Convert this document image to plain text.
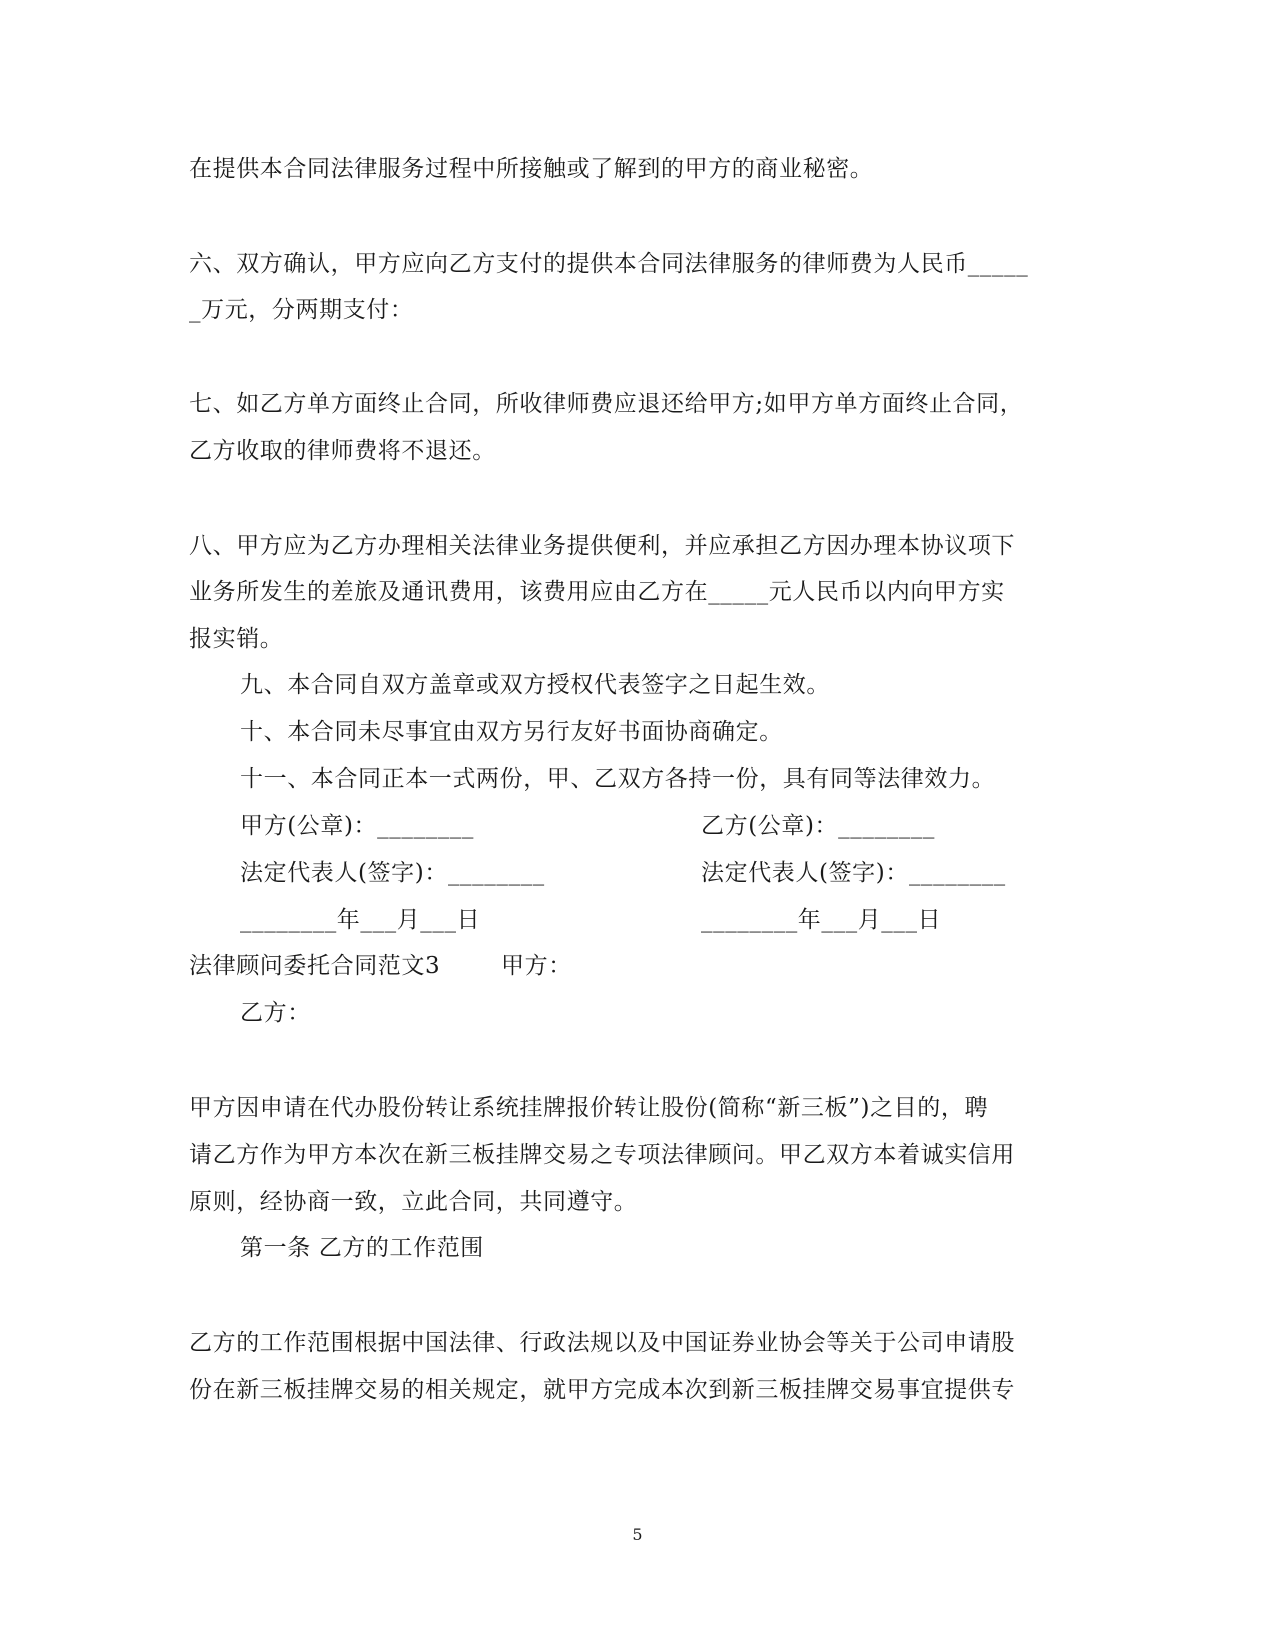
在提供本合同法律服务过程中所接触或了解到的甲方的商业秘密。
六、双方确认，甲方应向乙方支付的提供本合同法律服务的律师费为人民币_____
_万元，分两期支付：
七、如乙方单方面终止合同，所收律师费应退还给甲方;如甲方单方面终止合同，
乙方收取的律师费将不退还。
八、甲方应为乙方办理相关法律业务提供便利，并应承担乙方因办理本协议项下
业务所发生的差旅及通讯费用，该费用应由乙方在_____元人民币以内向甲方实
报实销。
九、本合同自双方盖章或双方授权代表签字之日起生效。
十、本合同未尽事宜由双方另行友好书面协商确定。
十一、本合同正本一式两份，甲、乙双方各持一份，具有同等法律效力。
甲方(公章)：________	乙方(公章)：________
法定代表人(签字)：________	法定代表人(签字)：________
________年___月___日	________年___月___日
法律顾问委托合同范文3	甲方：
乙方：
甲方因申请在代办股份转让系统挂牌报价转让股份(简称“新三板”)之目的，聘
请乙方作为甲方本次在新三板挂牌交易之专项法律顾问。甲乙双方本着诚实信用
原则，经协商一致，立此合同，共同遵守。
第一条 乙方的工作范围
乙方的工作范围根据中国法律、行政法规以及中国证券业协会等关于公司申请股
份在新三板挂牌交易的相关规定，就甲方完成本次到新三板挂牌交易事宜提供专
5
